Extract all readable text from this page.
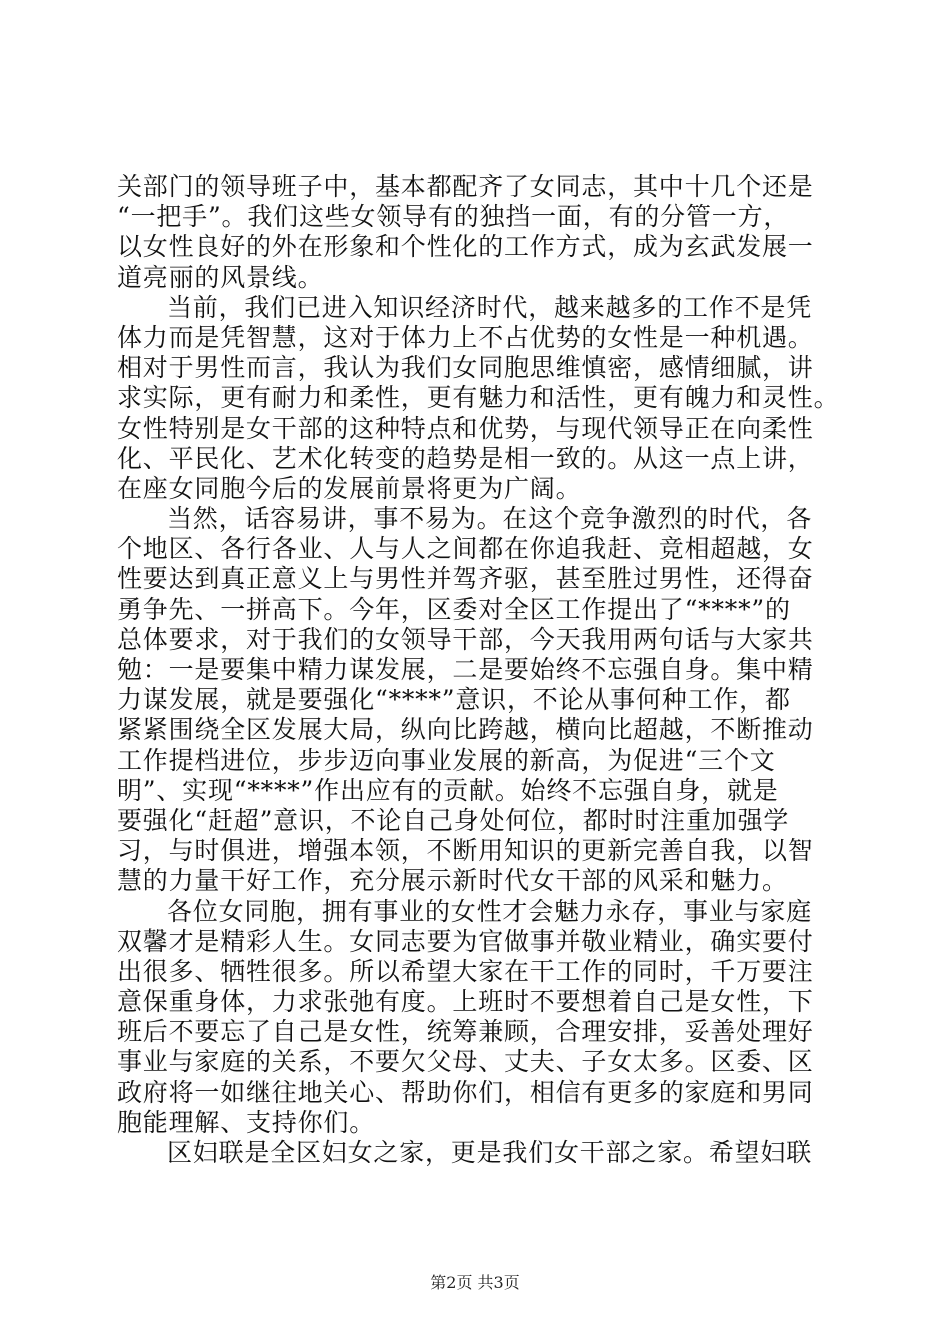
关部门的领导班子中，基本都配齐了女同志，其中十几个还是
“一把手”。我们这些女领导有的独挡一面，有的分管一方，
以女性良好的外在形象和个性化的工作方式，成为玄武发展一
道亮丽的风景线。
当前，我们已进入知识经济时代，越来越多的工作不是凭
体力而是凭智慧，这对于体力上不占优势的女性是一种机遇。
相对于男性而言，我认为我们女同胞思维慎密，感情细腻，讲
求实际，更有耐力和柔性，更有魅力和活性，更有魄力和灵性。
女性特别是女干部的这种特点和优势，与现代领导正在向柔性
化、平民化、艺术化转变的趋势是相一致的。从这一点上讲，
在座女同胞今后的发展前景将更为广阔。
当然，话容易讲，事不易为。在这个竞争激烈的时代，各
个地区、各行各业、人与人之间都在你追我赶、竞相超越，女
性要达到真正意义上与男性并驾齐驱，甚至胜过男性，还得奋
勇争先、一拼高下。今年，区委对全区工作提出了“****”的
总体要求，对于我们的女领导干部，今天我用两句话与大家共
勉：一是要集中精力谋发展，二是要始终不忘强自身。集中精
力谋发展，就是要强化“****”意识，不论从事何种工作，都
紧紧围绕全区发展大局，纵向比跨越，横向比超越，不断推动
工作提档进位，步步迈向事业发展的新高，为促进“三个文
明”、实现“****”作出应有的贡献。始终不忘强自身，就是
要强化“赶超”意识，不论自己身处何位，都时时注重加强学
习，与时俱进，增强本领，不断用知识的更新完善自我，以智
慧的力量干好工作，充分展示新时代女干部的风采和魅力。
各位女同胞，拥有事业的女性才会魅力永存，事业与家庭
双馨才是精彩人生。女同志要为官做事并敬业精业，确实要付
出很多、牺牲很多。所以希望大家在干工作的同时，千万要注
意保重身体，力求张弛有度。上班时不要想着自己是女性，下
班后不要忘了自己是女性，统筹兼顾，合理安排，妥善处理好
事业与家庭的关系，不要欠父母、丈夫、子女太多。区委、区
政府将一如继往地关心、帮助你们，相信有更多的家庭和男同
胞能理解、支持你们。
区妇联是全区妇女之家，更是我们女干部之家。希望妇联
第2页 共3页
